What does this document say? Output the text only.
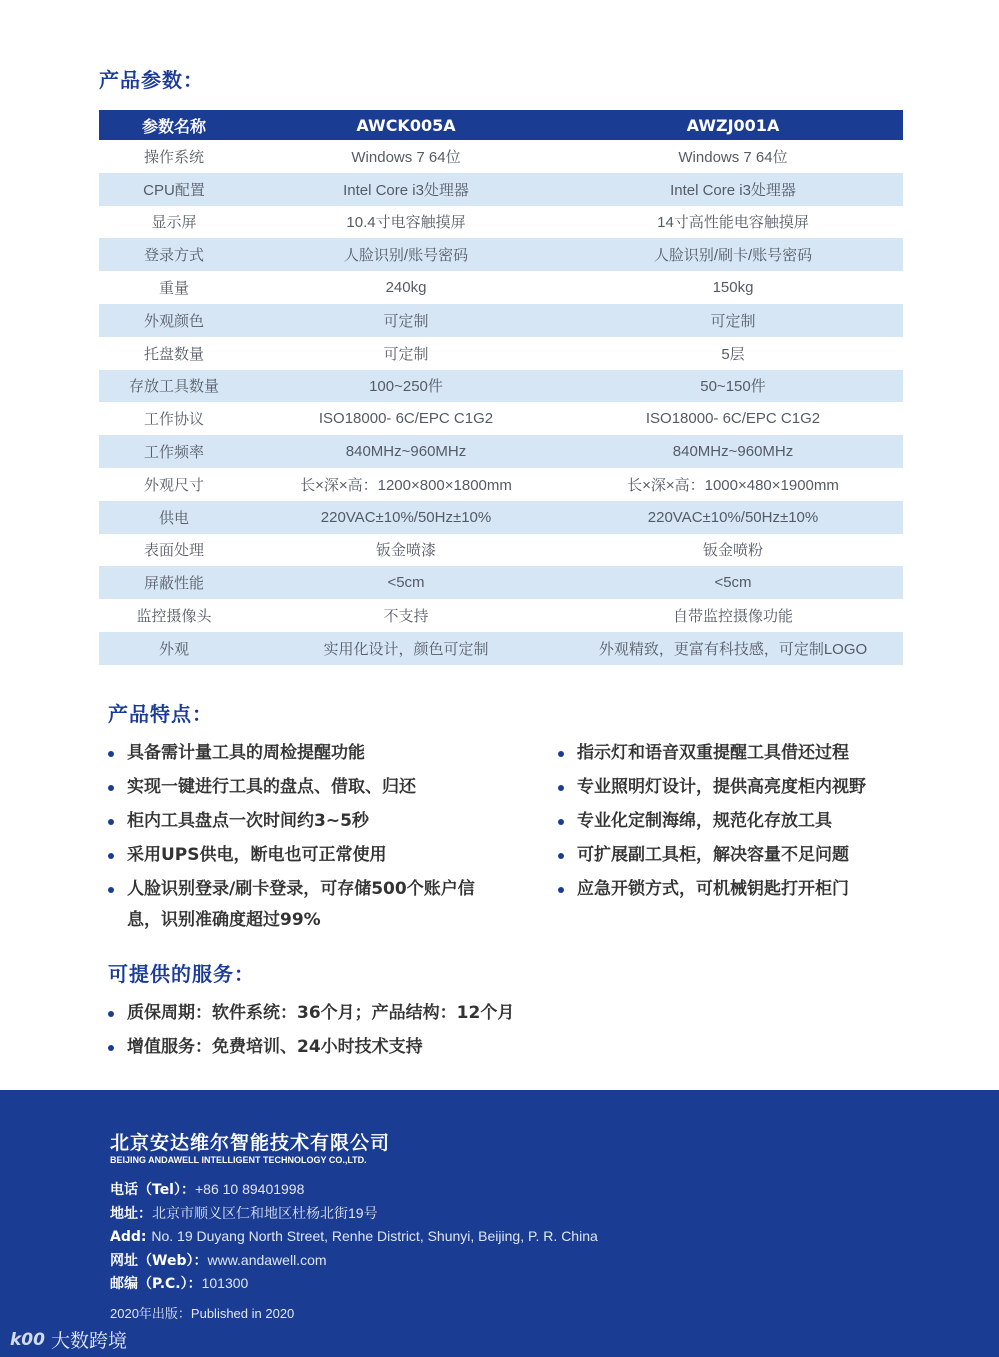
产品参数：
参数名称	AWCK005A	AWZJ001A
操作系统	Windows 7 64位	Windows 7 64位
CPU配置	Intel Core i3处理器	Intel Core i3处理器
显示屏	10.4寸电容触摸屏	14寸高性能电容触摸屏
登录方式	人脸识别/账号密码	人脸识别/刷卡/账号密码
重量	240kg	150kg
外观颜色	可定制	可定制
托盘数量	可定制	5层
存放工具数量	100~250件	50~150件
工作协议	ISO18000- 6C/EPC C1G2	ISO18000- 6C/EPC C1G2
工作频率	840MHz~960MHz	840MHz~960MHz
外观尺寸	长×深×高：1200×800×1800mm	长×深×高：1000×480×1900mm
供电	220VAC±10%/50Hz±10%	220VAC±10%/50Hz±10%
表面处理	钣金喷漆	钣金喷粉
屏蔽性能	<5cm	<5cm
监控摄像头	不支持	自带监控摄像功能
外观	实用化设计，颜色可定制	外观精致，更富有科技感，可定制LOGO
产品特点：
具备需计量工具的周检提醒功能
实现一键进行工具的盘点、借取、归还
柜内工具盘点一次时间约3~5秒
采用UPS供电，断电也可正常使用
人脸识别登录/刷卡登录，可存储500个账户信息，识别准确度超过99%
指示灯和语音双重提醒工具借还过程
专业照明灯设计，提供高亮度柜内视野
专业化定制海绵，规范化存放工具
可扩展副工具柜，解决容量不足问题
应急开锁方式，可机械钥匙打开柜门
可提供的服务：
质保周期：软件系统：36个月；产品结构：12个月
增值服务：免费培训、24小时技术支持
北京安达维尔智能技术有限公司
BEIJING ANDAWELL INTELLIGENT TECHNOLOGY CO.,LTD.
电话（Tel）：+86 10 89401998
地址：北京市顺义区仁和地区杜杨北街19号
Add: No. 19 Duyang North Street, Renhe District, Shunyi, Beijing, P. R. China
网址（Web）：www.andawell.com
邮编（P.C.）：101300
2020年出版：Published in 2020
k00 大数跨境
